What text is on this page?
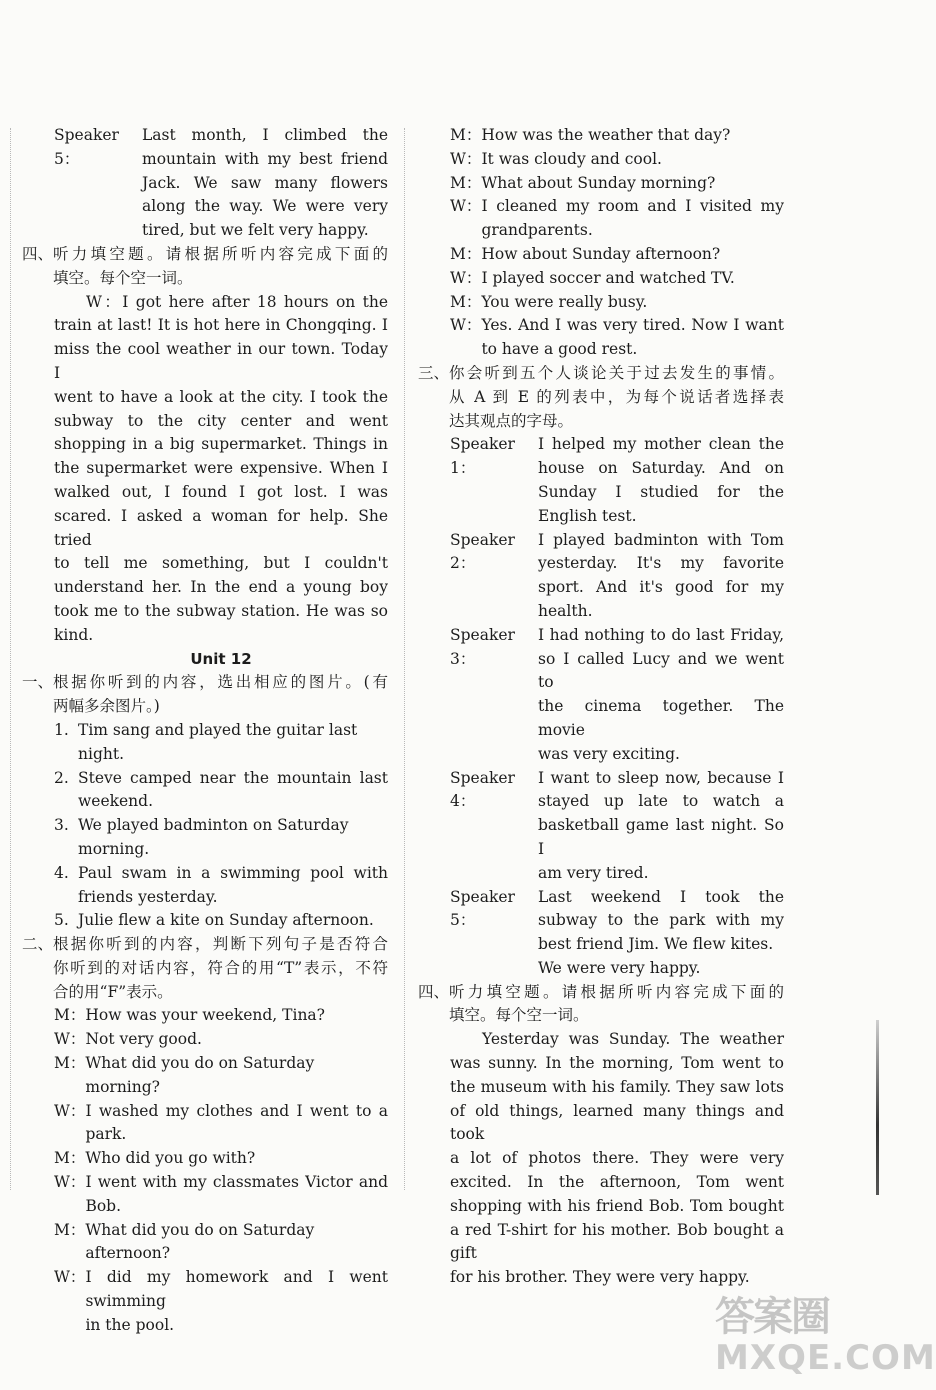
Speaker 5：

Last month, I climbed the

mountain with my best friend

Jack. We saw many flowers

along the way. We were very

tired, but we felt very happy.

四、 听力填空题。请根据所听内容完成下面的

填空。每个空一词。

W：I got here after 18 hours on the

train at last! It is hot here in Chongqing. I

miss the cool weather in our town. Today I

went to have a look at the city. I took the

subway to the city center and went

shopping in a big supermarket. Things in

the supermarket were expensive. When I

walked out, I found I got lost. I was

scared. I asked a woman for help. She tried

to tell me something, but I couldn't

understand her. In the end a young boy

took me to the subway station. He was so

kind.

Unit 12

一、 根据你听到的内容，选出相应的图片。(有

两幅多余图片。)

1. Tim sang and played the guitar last night.

2. Steve camped near the mountain last

weekend.

3. We played badminton on Saturday morning.

4. Paul swam in a swimming pool with

friends yesterday.

5. Julie flew a kite on Sunday afternoon.

二、 根据你听到的内容，判断下列句子是否符合

你听到的对话内容，符合的用“T”表示，不符

合的用“F”表示。

M： How was your weekend, Tina?

W： Not very good.

M： What did you do on Saturday morning?

W： I washed my clothes and I went to a

park.

M： Who did you go with?

W： I went with my classmates Victor and

Bob.

M： What did you do on Saturday afternoon?

W： I did my homework and I went swimming

in the pool.

M： How was the weather that day?

W： It was cloudy and cool.

M： What about Sunday morning?

W： I cleaned my room and I visited my

grandparents.

M： How about Sunday afternoon?

W： I played soccer and watched TV.

M： You were really busy.

W： Yes. And I was very tired. Now I want

to have a good rest.

三、 你会听到五个人谈论关于过去发生的事情。

从 A 到 E 的列表中，为每个说话者选择表

达其观点的字母。

Speaker 1：

I helped my mother clean the

house on Saturday. And on

Sunday I studied for the

English test.

Speaker 2：

I played badminton with Tom

yesterday. It's my favorite

sport. And it's good for my

health.

Speaker 3：

I had nothing to do last Friday,

so I called Lucy and we went to

the cinema together. The movie

was very exciting.

Speaker 4：

I want to sleep now, because I

stayed up late to watch a

basketball game last night. So I

am very tired.

Speaker 5：

Last weekend I took the

subway to the park with my

best friend Jim. We flew kites.

We were very happy.

四、 听力填空题。请根据所听内容完成下面的

填空。每个空一词。

Yesterday was Sunday. The weather

was sunny. In the morning, Tom went to

the museum with his family. They saw lots

of old things, learned many things and took

a lot of photos there. They were very

excited. In the afternoon, Tom went

shopping with his friend Bob. Tom bought

a red T-shirt for his mother. Bob bought a gift

for his brother. They were very happy.

答案圈
MXQE.COM
